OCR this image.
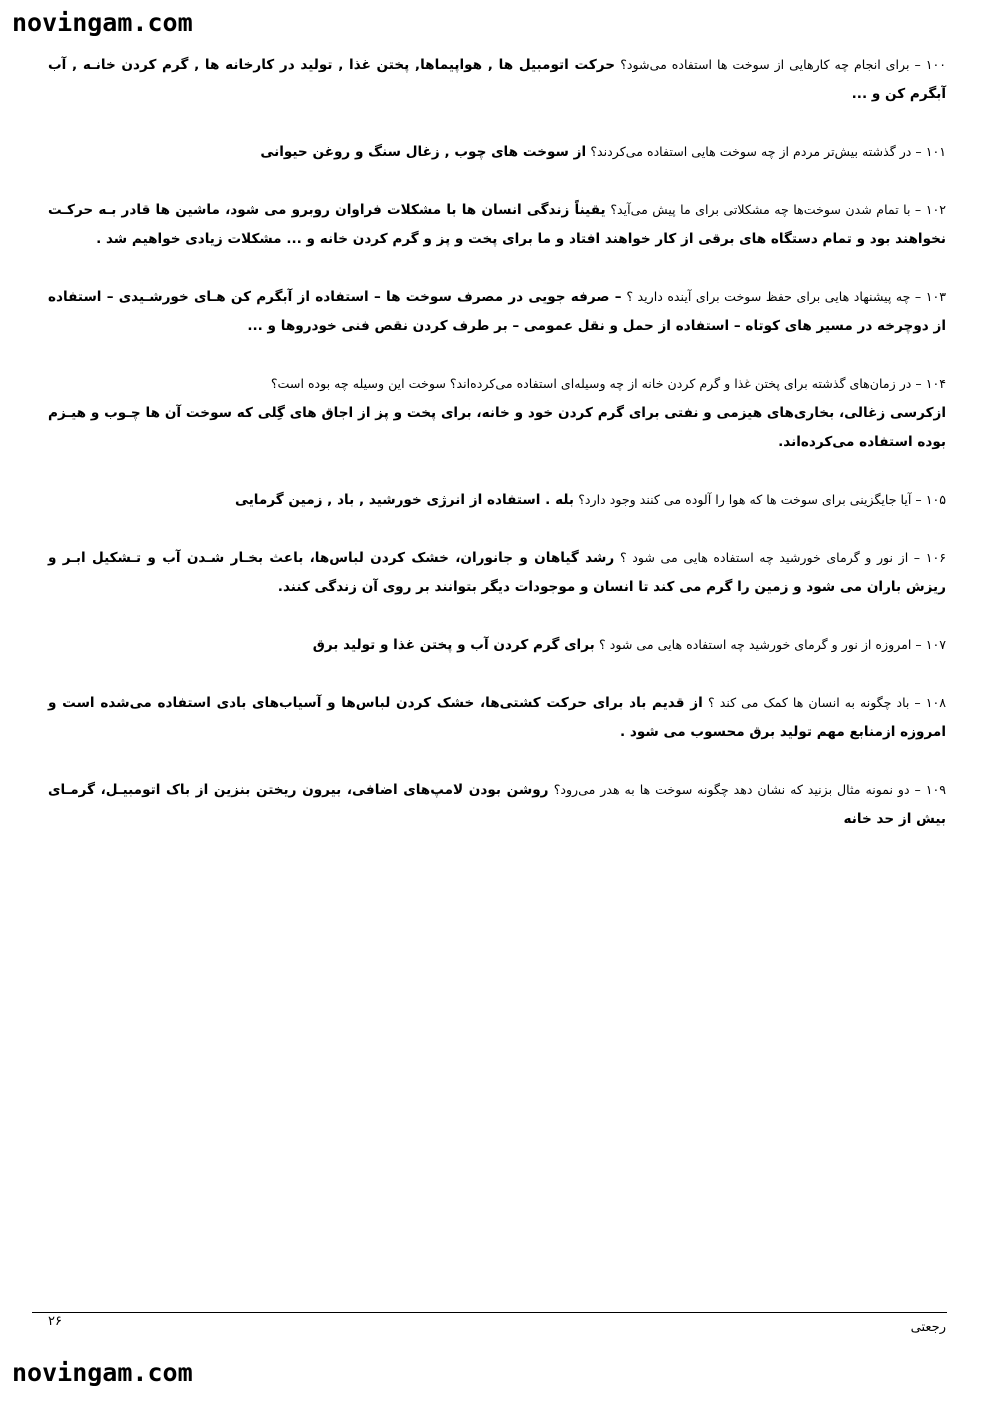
novingam.com

۱۰۰ – برای انجام چه کارهایی از سوخت ها استفاده می‌شود؟ حرکت اتومبیل ها , هواپیماها, پختن غذا , تولید در کارخانه ها , گرم کردن خانـه , آب آبگرم کن و ...

۱۰۱ – در گذشته بیش‌تر مردم از چه سوخت هایی استفاده می‌کردند؟ از سوخت های چوب , زغال سنگ و روغن حیوانی

۱۰۲ – با تمام شدن سوخت‌ها چه مشکلاتی برای ما پیش می‌آید؟ یقیناً زندگی انسان ها با مشکلات فراوان روبرو می شود، ماشین ها قادر بـه حرکـت نخواهند بود و تمام دستگاه های برقی از کار خواهند افتاد و ما برای پخت و پز و گرم کردن خانه و ... مشکلات زیادی خواهیم شد .

۱۰۳ – چه پیشنهاد هایی برای حفظ سوخت برای آینده دارید ؟ – صرفه جویی در مصرف سوخت ها – استفاده از آبگرم کن هـای خورشـیدی – استفاده از دوچرخه در مسیر های کوتاه – استفاده از حمل و نقل عمومی – بر طرف کردن نقص فنی خودروها و ...

۱۰۴ – در زمان‌های گذشته برای پختن غذا و گرم کردن خانه از چه وسیله‌ای استفاده می‌کرده‌اند؟ سوخت این وسیله چه بوده است؟
ازکرسی زغالی، بخاری‌های هیزمی و نفتی برای گرم کردن خود و خانه، برای پخت و پز از اجاق های گِلی که سوخت آن ها چـوب و هیـزم بوده استفاده می‌کرده‌اند.

۱۰۵ – آیا جایگزینی برای سوخت ها که هوا را آلوده می کنند وجود دارد؟ بله . استفاده از انرژی خورشید , باد , زمین گرمایی

۱۰۶ – از نور و گرمای خورشید چه استفاده هایی می شود ؟ رشد گیاهان و جانوران، خشک کردن لباس‌ها، باعث بخـار شـدن آب و تـشکیل ابـر و ریزش باران می شود و زمین را گرم می کند تا انسان و موجودات دیگر بتوانند بر روی آن زندگی کنند.

۱۰۷ – امروزه از نور و گرمای خورشید چه استفاده هایی می شود ؟ برای گرم کردن آب و پختن غذا و تولید برق

۱۰۸ – باد چگونه به انسان ها کمک می کند ؟ از قدیم باد برای حرکت کشتی‌ها، خشک کردن لباس‌ها و آسیاب‌های بادی استفاده می‌شده است و امروزه ازمنابع مهم تولید برق محسوب می شود .

۱۰۹ – دو نمونه مثال بزنید که نشان دهد چگونه سوخت ها به هدر می‌رود؟ روشن بودن لامپ‌های اضافی، بیرون ریختن بنزین از باک اتومبیـل، گرمـای بیش از حد خانه

۲۶	رجعتی
novingam.com
